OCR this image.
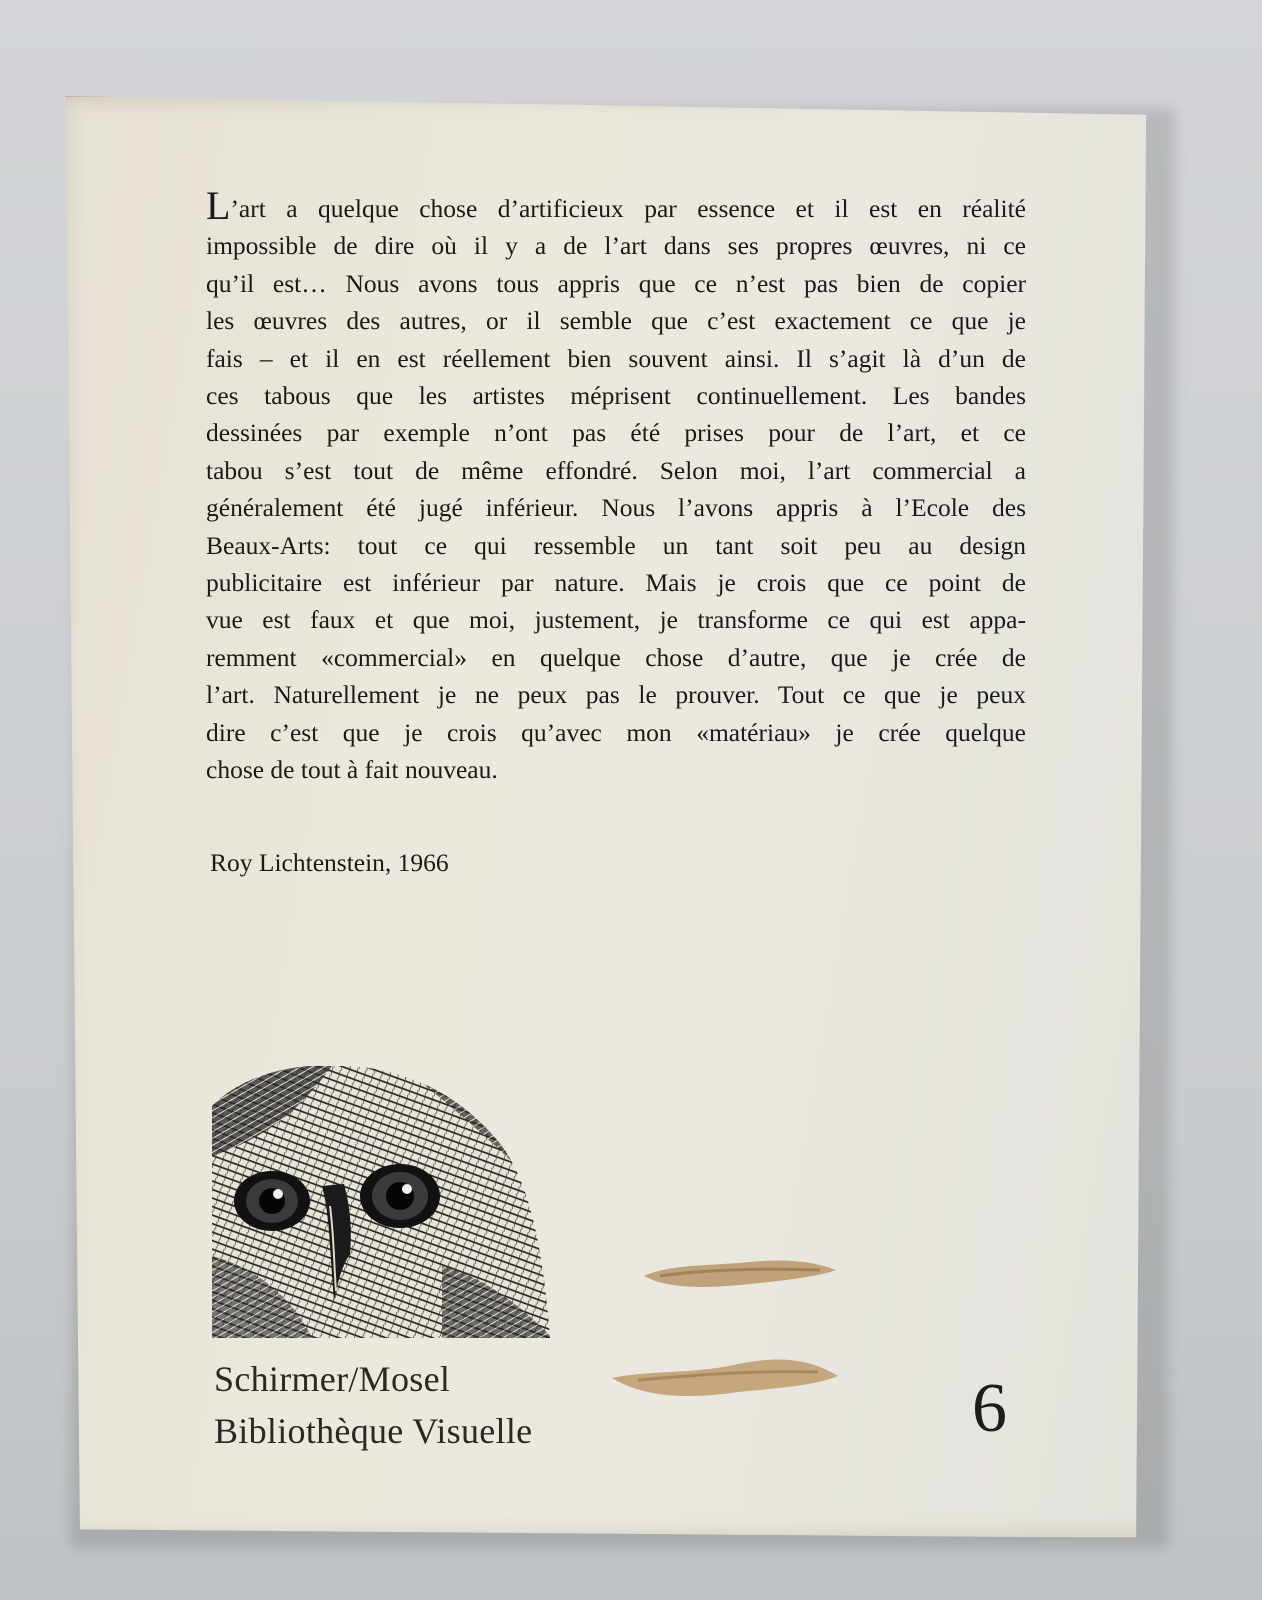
L’art a quelque chose d’artificieux par essence et il est en réalité
impossible de dire où il y a de l’art dans ses propres œuvres, ni ce
qu’il est… Nous avons tous appris que ce n’est pas bien de copier
les œuvres des autres, or il semble que c’est exactement ce que je
fais – et il en est réellement bien souvent ainsi. Il s’agit là d’un de
ces tabous que les artistes méprisent continuellement. Les bandes
dessinées par exemple n’ont pas été prises pour de l’art, et ce
tabou s’est tout de même effondré. Selon moi, l’art commercial a
généralement été jugé inférieur. Nous l’avons appris à l’Ecole des
Beaux-Arts: tout ce qui ressemble un tant soit peu au design
publicitaire est inférieur par nature. Mais je crois que ce point de
vue est faux et que moi, justement, je transforme ce qui est appa-
remment «commercial» en quelque chose d’autre, que je crée de
l’art. Naturellement je ne peux pas le prouver. Tout ce que je peux
dire c’est que je crois qu’avec mon «matériau» je crée quelque
chose de tout à fait nouveau.
Roy Lichtenstein, 1966
Schirmer/Mosel
Bibliothèque Visuelle	6
